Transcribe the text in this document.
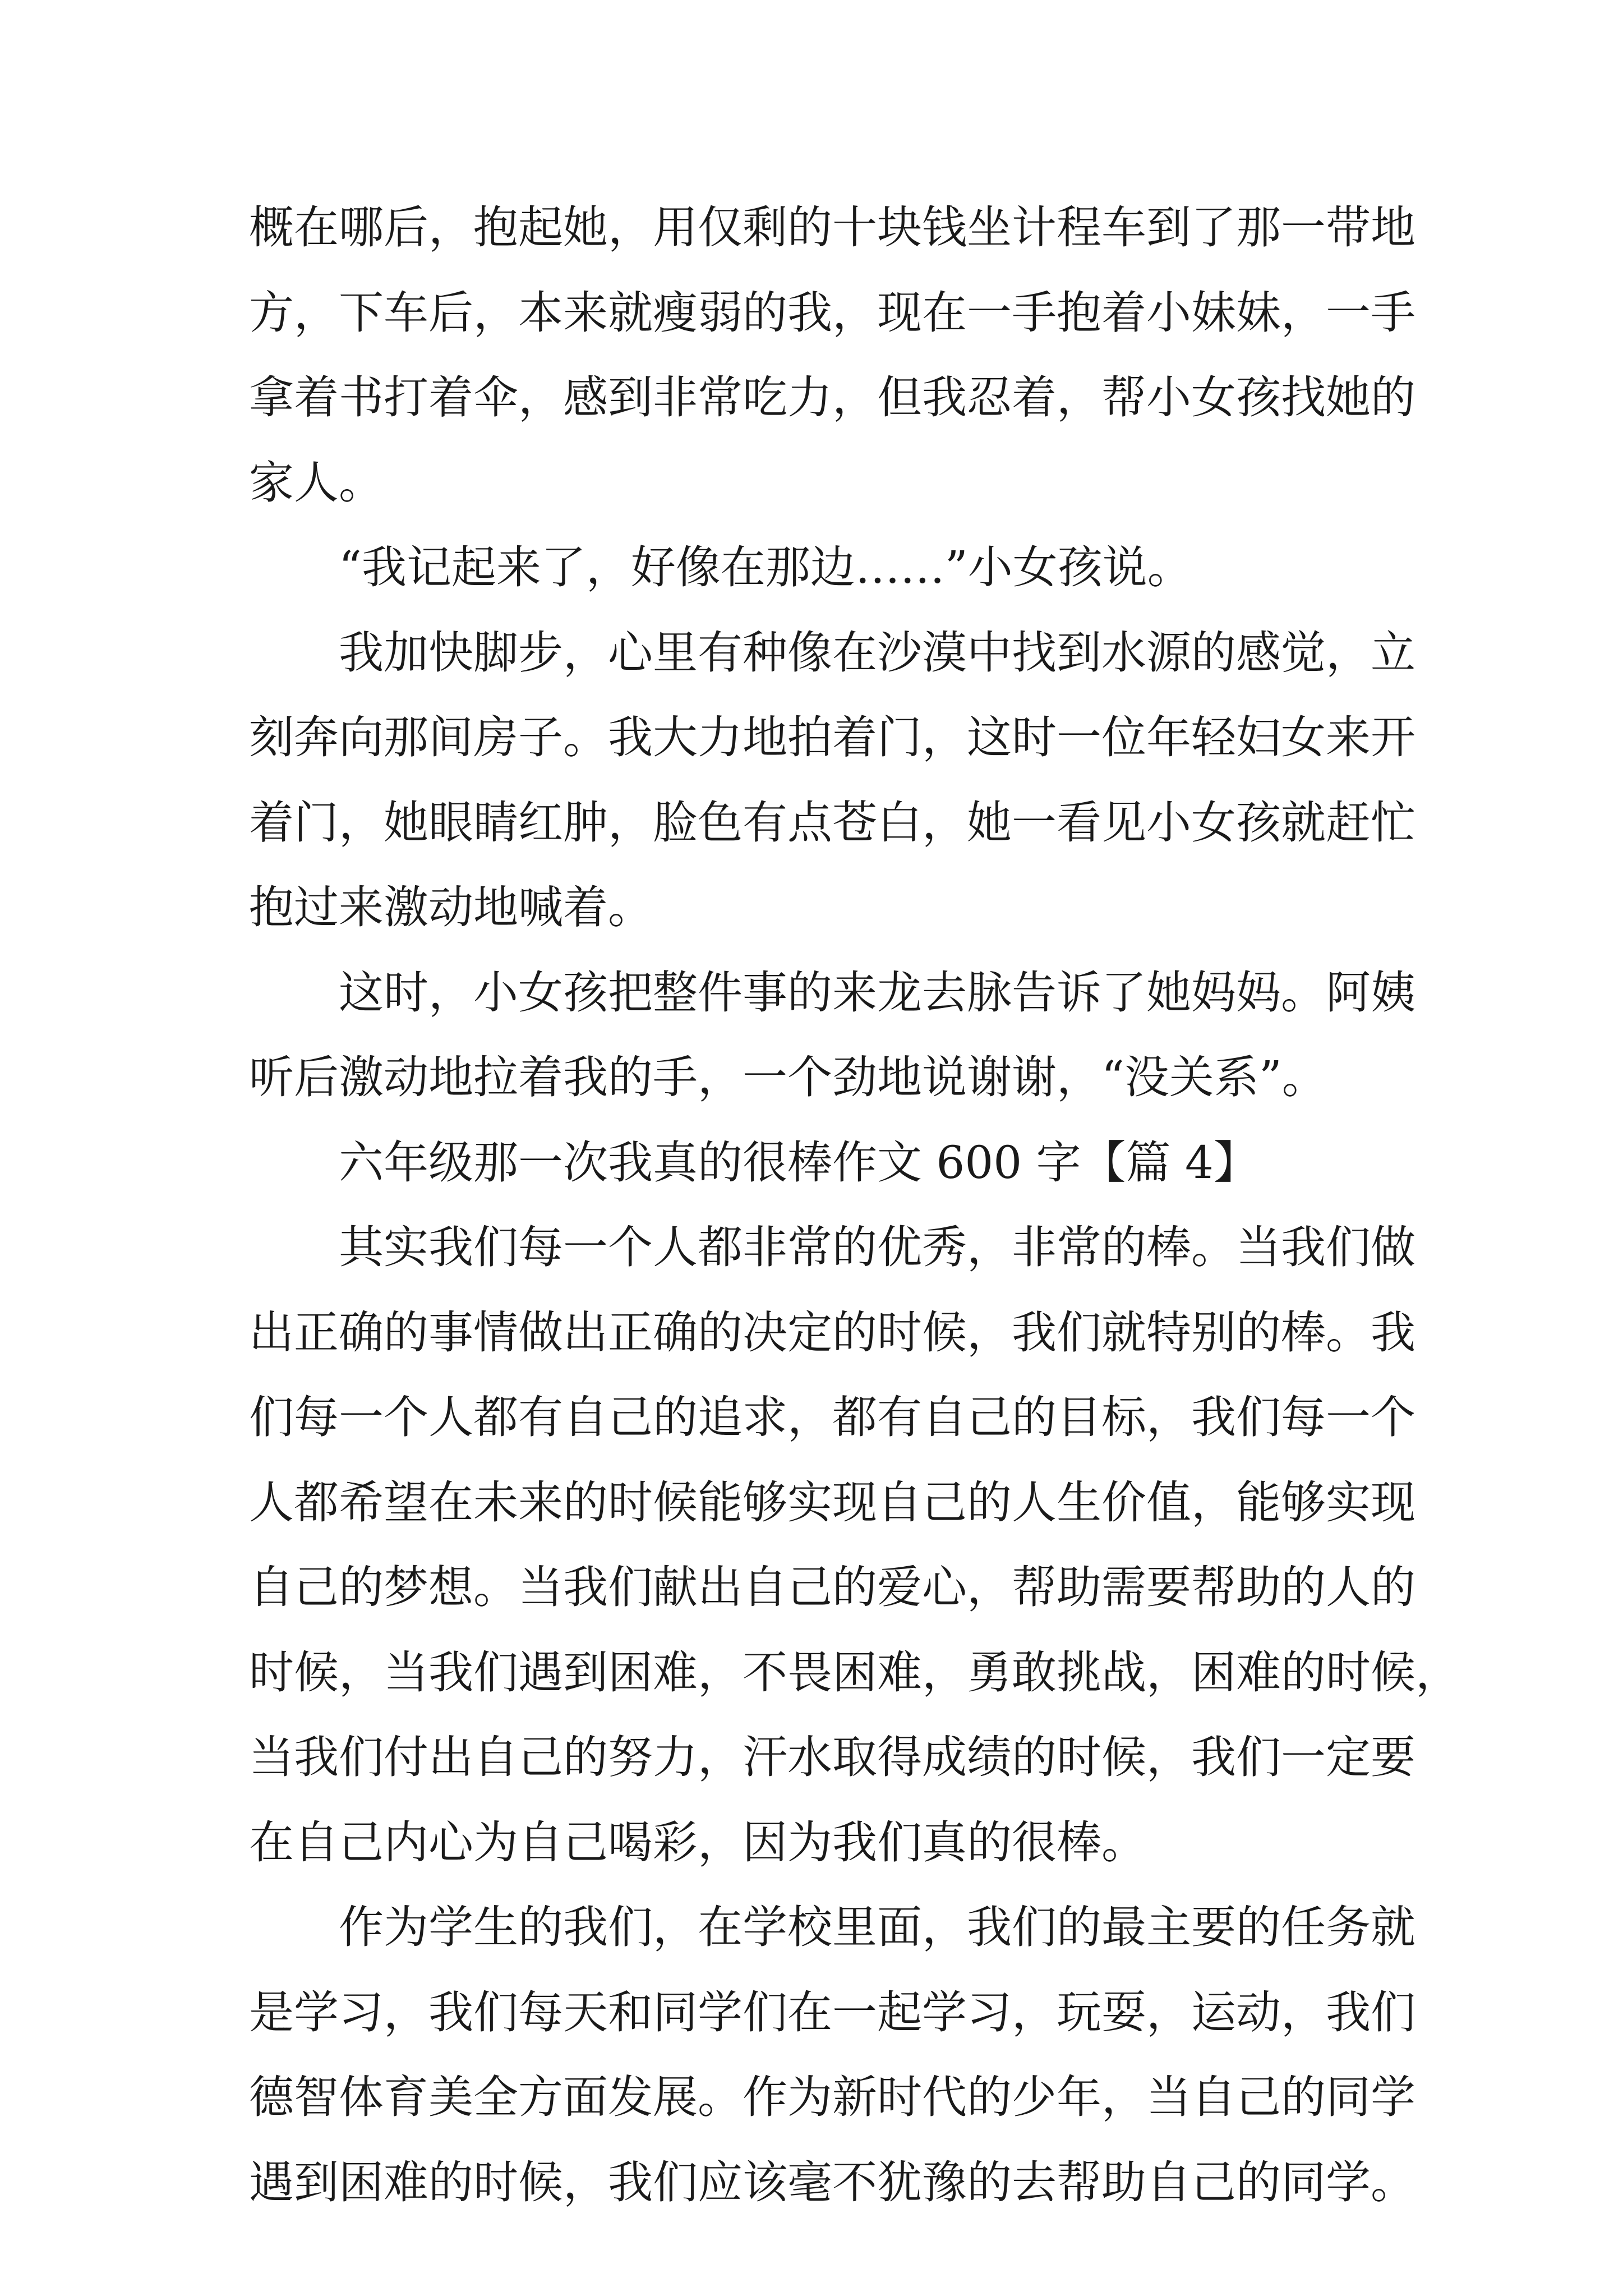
概在哪后，抱起她，用仅剩的十块钱坐计程车到了那一带地
方，下车后，本来就瘦弱的我，现在一手抱着小妹妹，一手
拿着书打着伞，感到非常吃力，但我忍着，帮小女孩找她的
家人。
“我记起来了，好像在那边……”小女孩说。
我加快脚步，心里有种像在沙漠中找到水源的感觉，立
刻奔向那间房子。我大力地拍着门，这时一位年轻妇女来开
着门，她眼睛红肿，脸色有点苍白，她一看见小女孩就赶忙
抱过来激动地喊着。
这时，小女孩把整件事的来龙去脉告诉了她妈妈。阿姨
听后激动地拉着我的手，一个劲地说谢谢，“没关系”。
六年级那一次我真的很棒作文 600 字【篇 4】
其实我们每一个人都非常的优秀，非常的棒。当我们做
出正确的事情做出正确的决定的时候，我们就特别的棒。我
们每一个人都有自己的追求，都有自己的目标，我们每一个
人都希望在未来的时候能够实现自己的人生价值，能够实现
自己的梦想。当我们献出自己的爱心，帮助需要帮助的人的
时候，当我们遇到困难，不畏困难，勇敢挑战，困难的时候，
当我们付出自己的努力，汗水取得成绩的时候，我们一定要
在自己内心为自己喝彩，因为我们真的很棒。
作为学生的我们，在学校里面，我们的最主要的任务就
是学习，我们每天和同学们在一起学习，玩耍，运动，我们
德智体育美全方面发展。作为新时代的少年，当自己的同学
遇到困难的时候，我们应该毫不犹豫的去帮助自己的同学。
